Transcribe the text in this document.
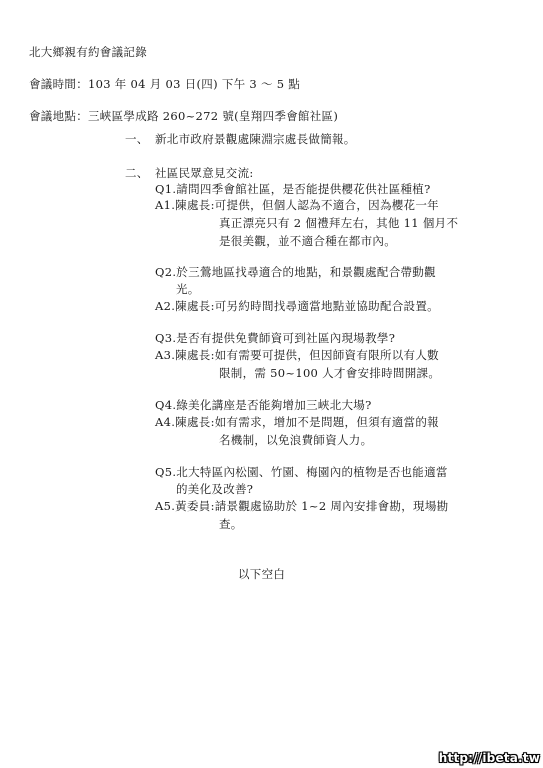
北大鄉親有約會議記錄
會議時間：103 年 04 月 03 日(四) 下午 3 ～ 5 點
會議地點：三峽區學成路 260~272 號(皇翔四季會館社區)
一、 新北市政府景觀處陳淵宗處長做簡報。
二、 社區民眾意見交流:
Q1.請問四季會館社區，是否能提供櫻花供社區種植?
A1.陳處長:可提供，但個人認為不適合，因為櫻花一年
真正漂亮只有 2 個禮拜左右，其他 11 個月不
是很美觀，並不適合種在都市內。
Q2.於三鶯地區找尋適合的地點，和景觀處配合帶動觀
光。
A2.陳處長:可另約時間找尋適當地點並協助配合設置。
Q3.是否有提供免費師資可到社區內現場教學?
A3.陳處長:如有需要可提供，但因師資有限所以有人數
限制，需 50~100 人才會安排時間開課。
Q4.綠美化講座是否能夠增加三峽北大場?
A4.陳處長:如有需求，增加不是問題，但須有適當的報
名機制，以免浪費師資人力。
Q5.北大特區內松園、竹園、梅園內的植物是否也能適當
的美化及改善?
A5.黃委員:請景觀處協助於 1~2 周內安排會勘，現場勘
查。
以下空白
http://ibeta.tw
